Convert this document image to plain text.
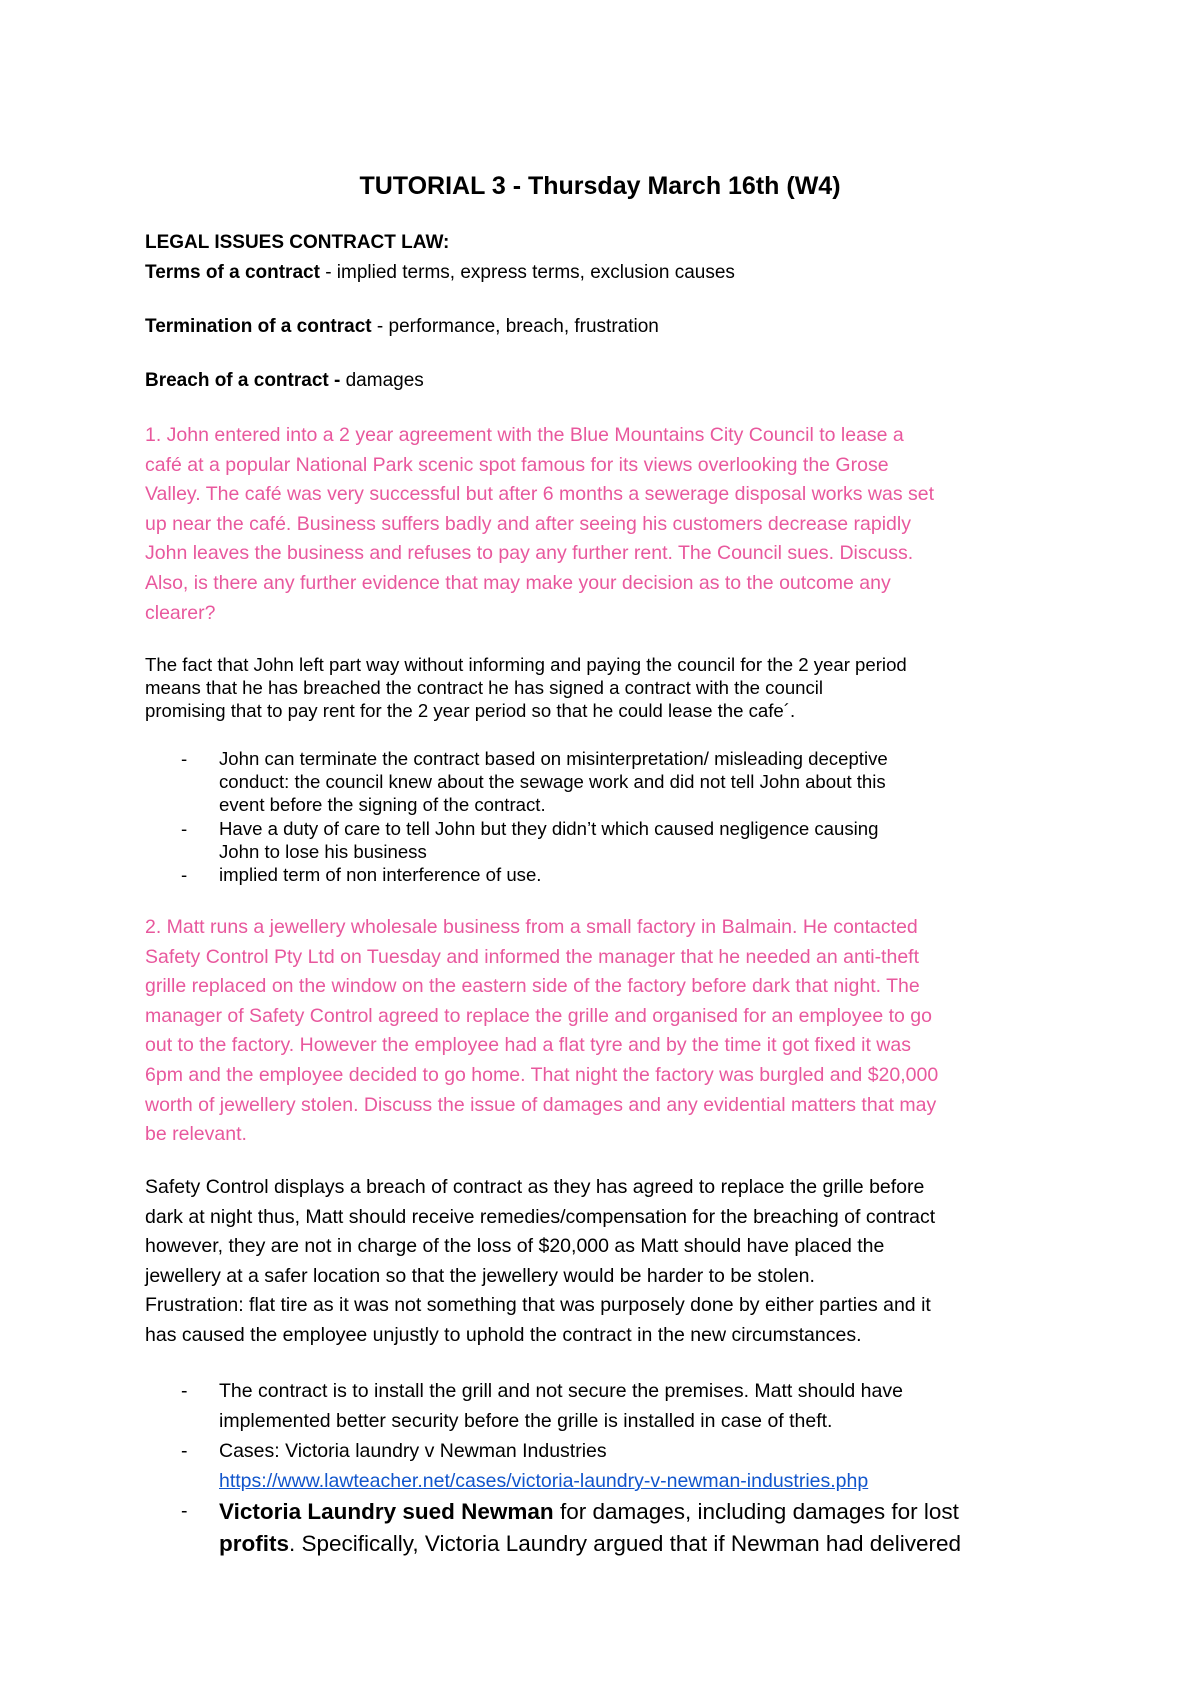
TUTORIAL 3 - Thursday March 16th (W4)
LEGAL ISSUES CONTRACT LAW:
Terms of a contract - implied terms, express terms, exclusion causes
Termination of a contract - performance, breach, frustration
Breach of a contract - damages
1. John entered into a 2 year agreement with the Blue Mountains City Council to lease a
café at a popular National Park scenic spot famous for its views overlooking the Grose
Valley. The café was very successful but after 6 months a sewerage disposal works was set
up near the café. Business suffers badly and after seeing his customers decrease rapidly
John leaves the business and refuses to pay any further rent. The Council sues. Discuss.
Also, is there any further evidence that may make your decision as to the outcome any
clearer?
The fact that John left part way without informing and paying the council for the 2 year period
means that he has breached the contract he has signed a contract with the council
promising that to pay rent for the 2 year period so that he could lease the cafe´.
- John can terminate the contract based on misinterpretation/ misleading deceptive
conduct: the council knew about the sewage work and did not tell John about this
event before the signing of the contract.
- Have a duty of care to tell John but they didn’t which caused negligence causing
John to lose his business
- implied term of non interference of use.
2. Matt runs a jewellery wholesale business from a small factory in Balmain. He contacted
Safety Control Pty Ltd on Tuesday and informed the manager that he needed an anti-theft
grille replaced on the window on the eastern side of the factory before dark that night. The
manager of Safety Control agreed to replace the grille and organised for an employee to go
out to the factory. However the employee had a flat tyre and by the time it got fixed it was
6pm and the employee decided to go home. That night the factory was burgled and $20,000
worth of jewellery stolen. Discuss the issue of damages and any evidential matters that may
be relevant.
Safety Control displays a breach of contract as they has agreed to replace the grille before
dark at night thus, Matt should receive remedies/compensation for the breaching of contract
however, they are not in charge of the loss of $20,000 as Matt should have placed the
jewellery at a safer location so that the jewellery would be harder to be stolen.
Frustration: flat tire as it was not something that was purposely done by either parties and it
has caused the employee unjustly to uphold the contract in the new circumstances.
- The contract is to install the grill and not secure the premises. Matt should have
implemented better security before the grille is installed in case of theft.
- Cases: Victoria laundry v Newman Industries
https://www.lawteacher.net/cases/victoria-laundry-v-newman-industries.php
- Victoria Laundry sued Newman for damages, including damages for lost
profits. Specifically, Victoria Laundry argued that if Newman had delivered
